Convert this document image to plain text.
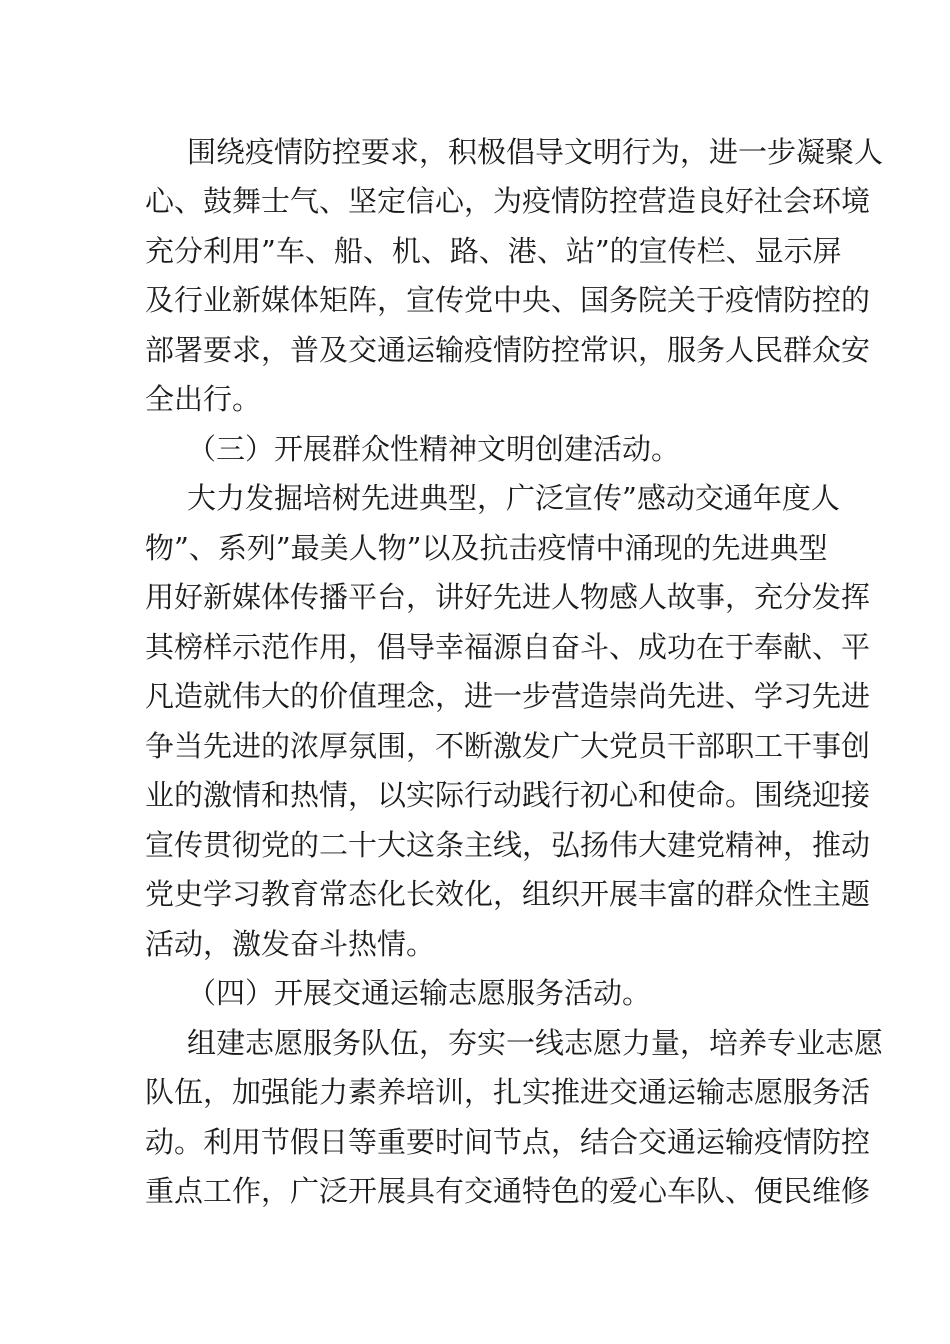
围绕疫情防控要求，积极倡导文明行为，进一步凝聚人

心、鼓舞士气、坚定信心，为疫情防控营造良好社会环境

充分利用”车、船、机、路、港、站”的宣传栏、显示屏

及行业新媒体矩阵，宣传党中央、国务院关于疫情防控的

部署要求，普及交通运输疫情防控常识，服务人民群众安

全出行。

（三）开展群众性精神文明创建活动。

大力发掘培树先进典型，广泛宣传”感动交通年度人

物”、系列”最美人物”以及抗击疫情中涌现的先进典型

用好新媒体传播平台，讲好先进人物感人故事，充分发挥

其榜样示范作用，倡导幸福源自奋斗、成功在于奉献、平

凡造就伟大的价值理念，进一步营造崇尚先进、学习先进

争当先进的浓厚氛围，不断激发广大党员干部职工干事创

业的激情和热情，以实际行动践行初心和使命。围绕迎接

宣传贯彻党的二十大这条主线，弘扬伟大建党精神，推动

党史学习教育常态化长效化，组织开展丰富的群众性主题

活动，激发奋斗热情。

（四）开展交通运输志愿服务活动。

组建志愿服务队伍，夯实一线志愿力量，培养专业志愿

队伍，加强能力素养培训，扎实推进交通运输志愿服务活

动。利用节假日等重要时间节点，结合交通运输疫情防控

重点工作，广泛开展具有交通特色的爱心车队、便民维修
